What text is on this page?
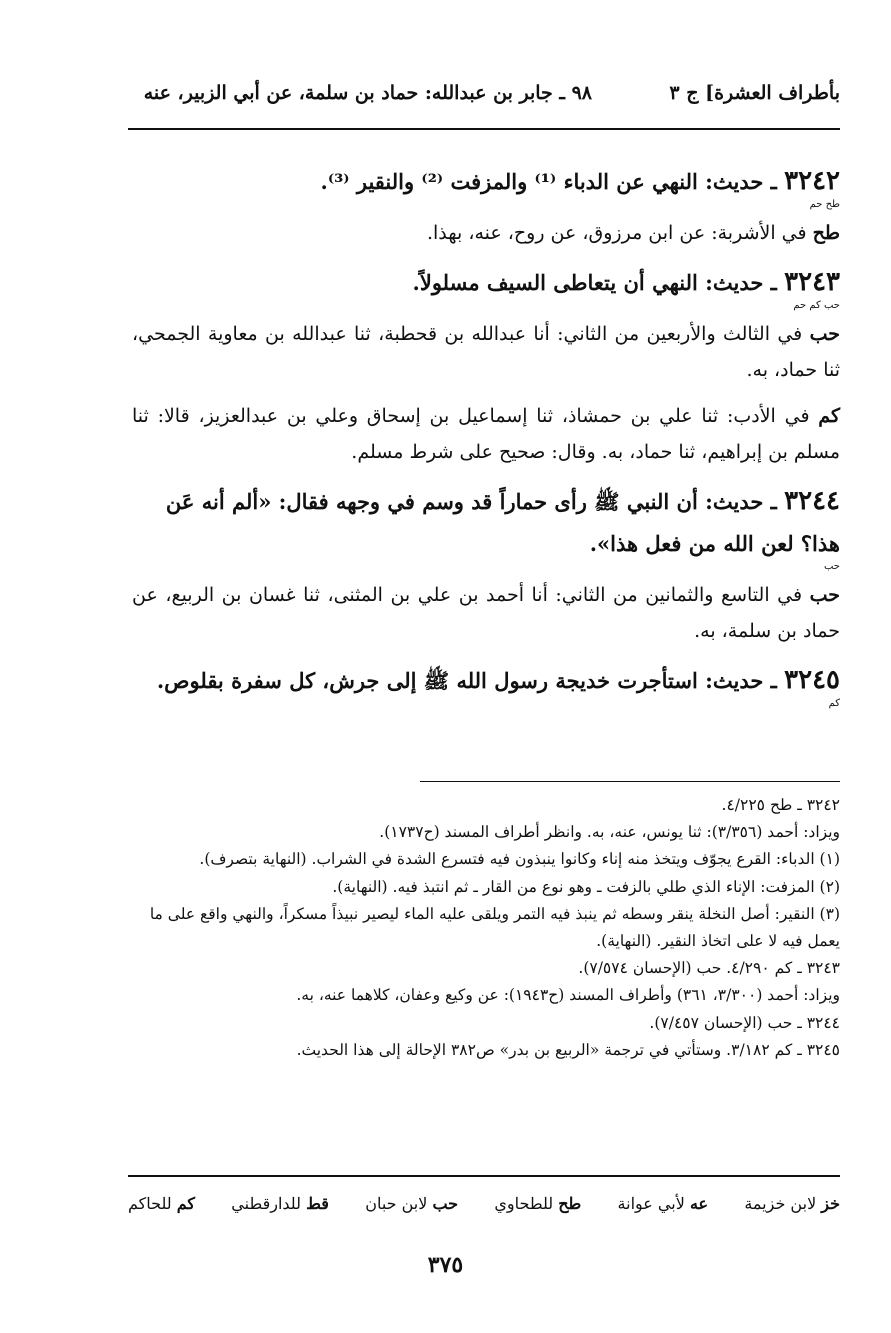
بأطراف العشرة] ج ٣
٩٨ ـ جابر بن عبدالله: حماد بن سلمة، عن أبي الزبير، عنه

٣٢٤٢ ـ حديث: النهي عن الدباء ⁽¹⁾ والمزفت ⁽²⁾ والنقير ⁽³⁾.

طح حم

طح في الأشربة: عن ابن مرزوق، عن روح، عنه، بهذا.

٣٢٤٣ ـ حديث: النهي أن يتعاطى السيف مسلولاً.

حب كم حم

حب في الثالث والأربعين من الثاني: أنا عبدالله بن قحطبة، ثنا عبدالله بن معاوية الجمحي، ثنا حماد، به.

كم في الأدب: ثنا علي بن حمشاذ، ثنا إسماعيل بن إسحاق وعلي بن عبدالعزيز، قالا: ثنا مسلم بن إبراهيم، ثنا حماد، به. وقال: صحيح على شرط مسلم.

٣٢٤٤ ـ حديث: أن النبي ﷺ رأى حماراً قد وسم في وجهه فقال: «ألم أنه عَن هذا؟ لعن الله من فعل هذا».

حب

حب في التاسع والثمانين من الثاني: أنا أحمد بن علي بن المثنى، ثنا غسان بن الربيع، عن حماد بن سلمة، به.

٣٢٤٥ ـ حديث: استأجرت خديجة رسول الله ﷺ إلى جرش، كل سفرة بقلوص.

كم

٣٢٤٢ ـ طح ٤/٢٢٥.

ويزاد: أحمد (٣/٣٥٦): ثنا يونس، عنه، به. وانظر أطراف المسند (ح١٧٣٧).

(١) الدباء: القرع يجوّف ويتخذ منه إناء وكانوا ينبذون فيه فتسرع الشدة في الشراب. (النهاية بتصرف).

(٢) المزفت: الإناء الذي طلي بالزفت ـ وهو نوع من القار ـ ثم انتبذ فيه. (النهاية).

(٣) النقير: أصل النخلة ينقر وسطه ثم ينبذ فيه التمر ويلقى عليه الماء ليصير نبيذاً مسكراً، والنهي واقع على ما يعمل فيه لا على اتخاذ النقير. (النهاية).

٣٢٤٣ ـ كم ٤/٢٩٠. حب (الإحسان ٧/٥٧٤).

ويزاد: أحمد (٣/٣٠٠، ٣٦١) وأطراف المسند (ح١٩٤٣): عن وكيع وعفان، كلاهما عنه، به.

٣٢٤٤ ـ حب (الإحسان ٧/٤٥٧).

٣٢٤٥ ـ كم ٣/١٨٢. وستأتي في ترجمة «الربيع بن بدر» ص٣٨٢ الإحالة إلى هذا الحديث.

خز لابن خزيمة
عه لأبي عوانة
طح للطحاوي
حب لابن حبان
قط للدارقطني
كم للحاكم
٣٧٥
